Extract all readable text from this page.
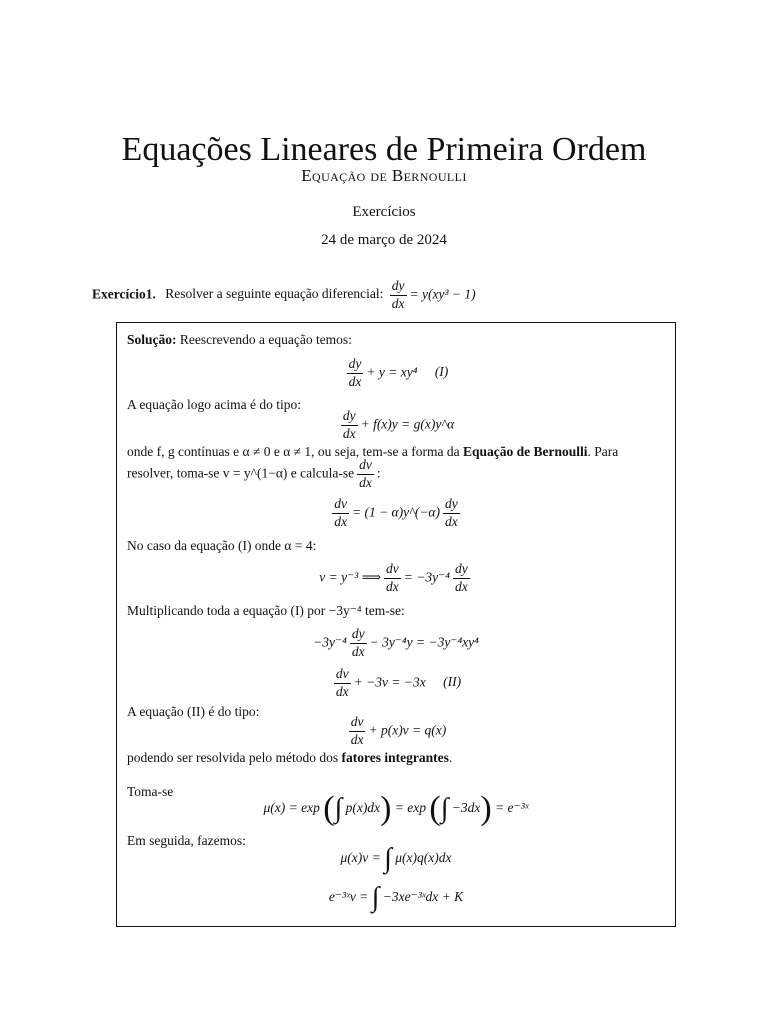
Equações Lineares de Primeira Ordem
Equação de Bernoulli
Exercícios
24 de março de 2024
Exercício1. Resolver a seguinte equação diferencial: $\frac{dy}{dx} = y(xy^3 - 1)$
Solução: Reescrevendo a equação temos:
$\frac{dy}{dx} + y = xy^4$ (I)
A equação logo acima é do tipo:
$\frac{dy}{dx} + f(x)y$ = g(x)y^α
onde f, g contínuas e α ≠ 0 e α ≠ 1, ou seja, tem-se a forma da Equação de Bernoulli. Para
resolver, toma-se v = y^(1−α) e calcula-se $\frac{dv}{dx}$ :
$\frac{dv}{dx} = (1$ − α)y^(−α) $\frac{dy}{dx}$
No caso da equação (I) onde α = 4:
v = y⁻³ ⟹ $\frac{dv}{dx} = -3y^{-4} \frac{dy}{dx}$
Multiplicando toda a equação (I) por −3y⁻⁴ tem-se:
$-3y^{-4} \frac{dy}{dx} - 3y^{-4}y = -3y^{-4}xy^4$
$\frac{dv}{dx} + -3v = -3x$ (II)
A equação (II) é do tipo:
$\frac{dv}{dx} + p(x)v = q(x)$
podendo ser resolvida pelo método dos fatores integrantes.
Toma-se
μ(x) = exp (∫ p(x)dx) = exp (∫ −3dx) = e⁻³ˣ
Em seguida, fazemos:
μ(x)v = ∫ μ(x)q(x)dx
e⁻³ˣv = ∫ −3xe⁻³ˣdx + K
